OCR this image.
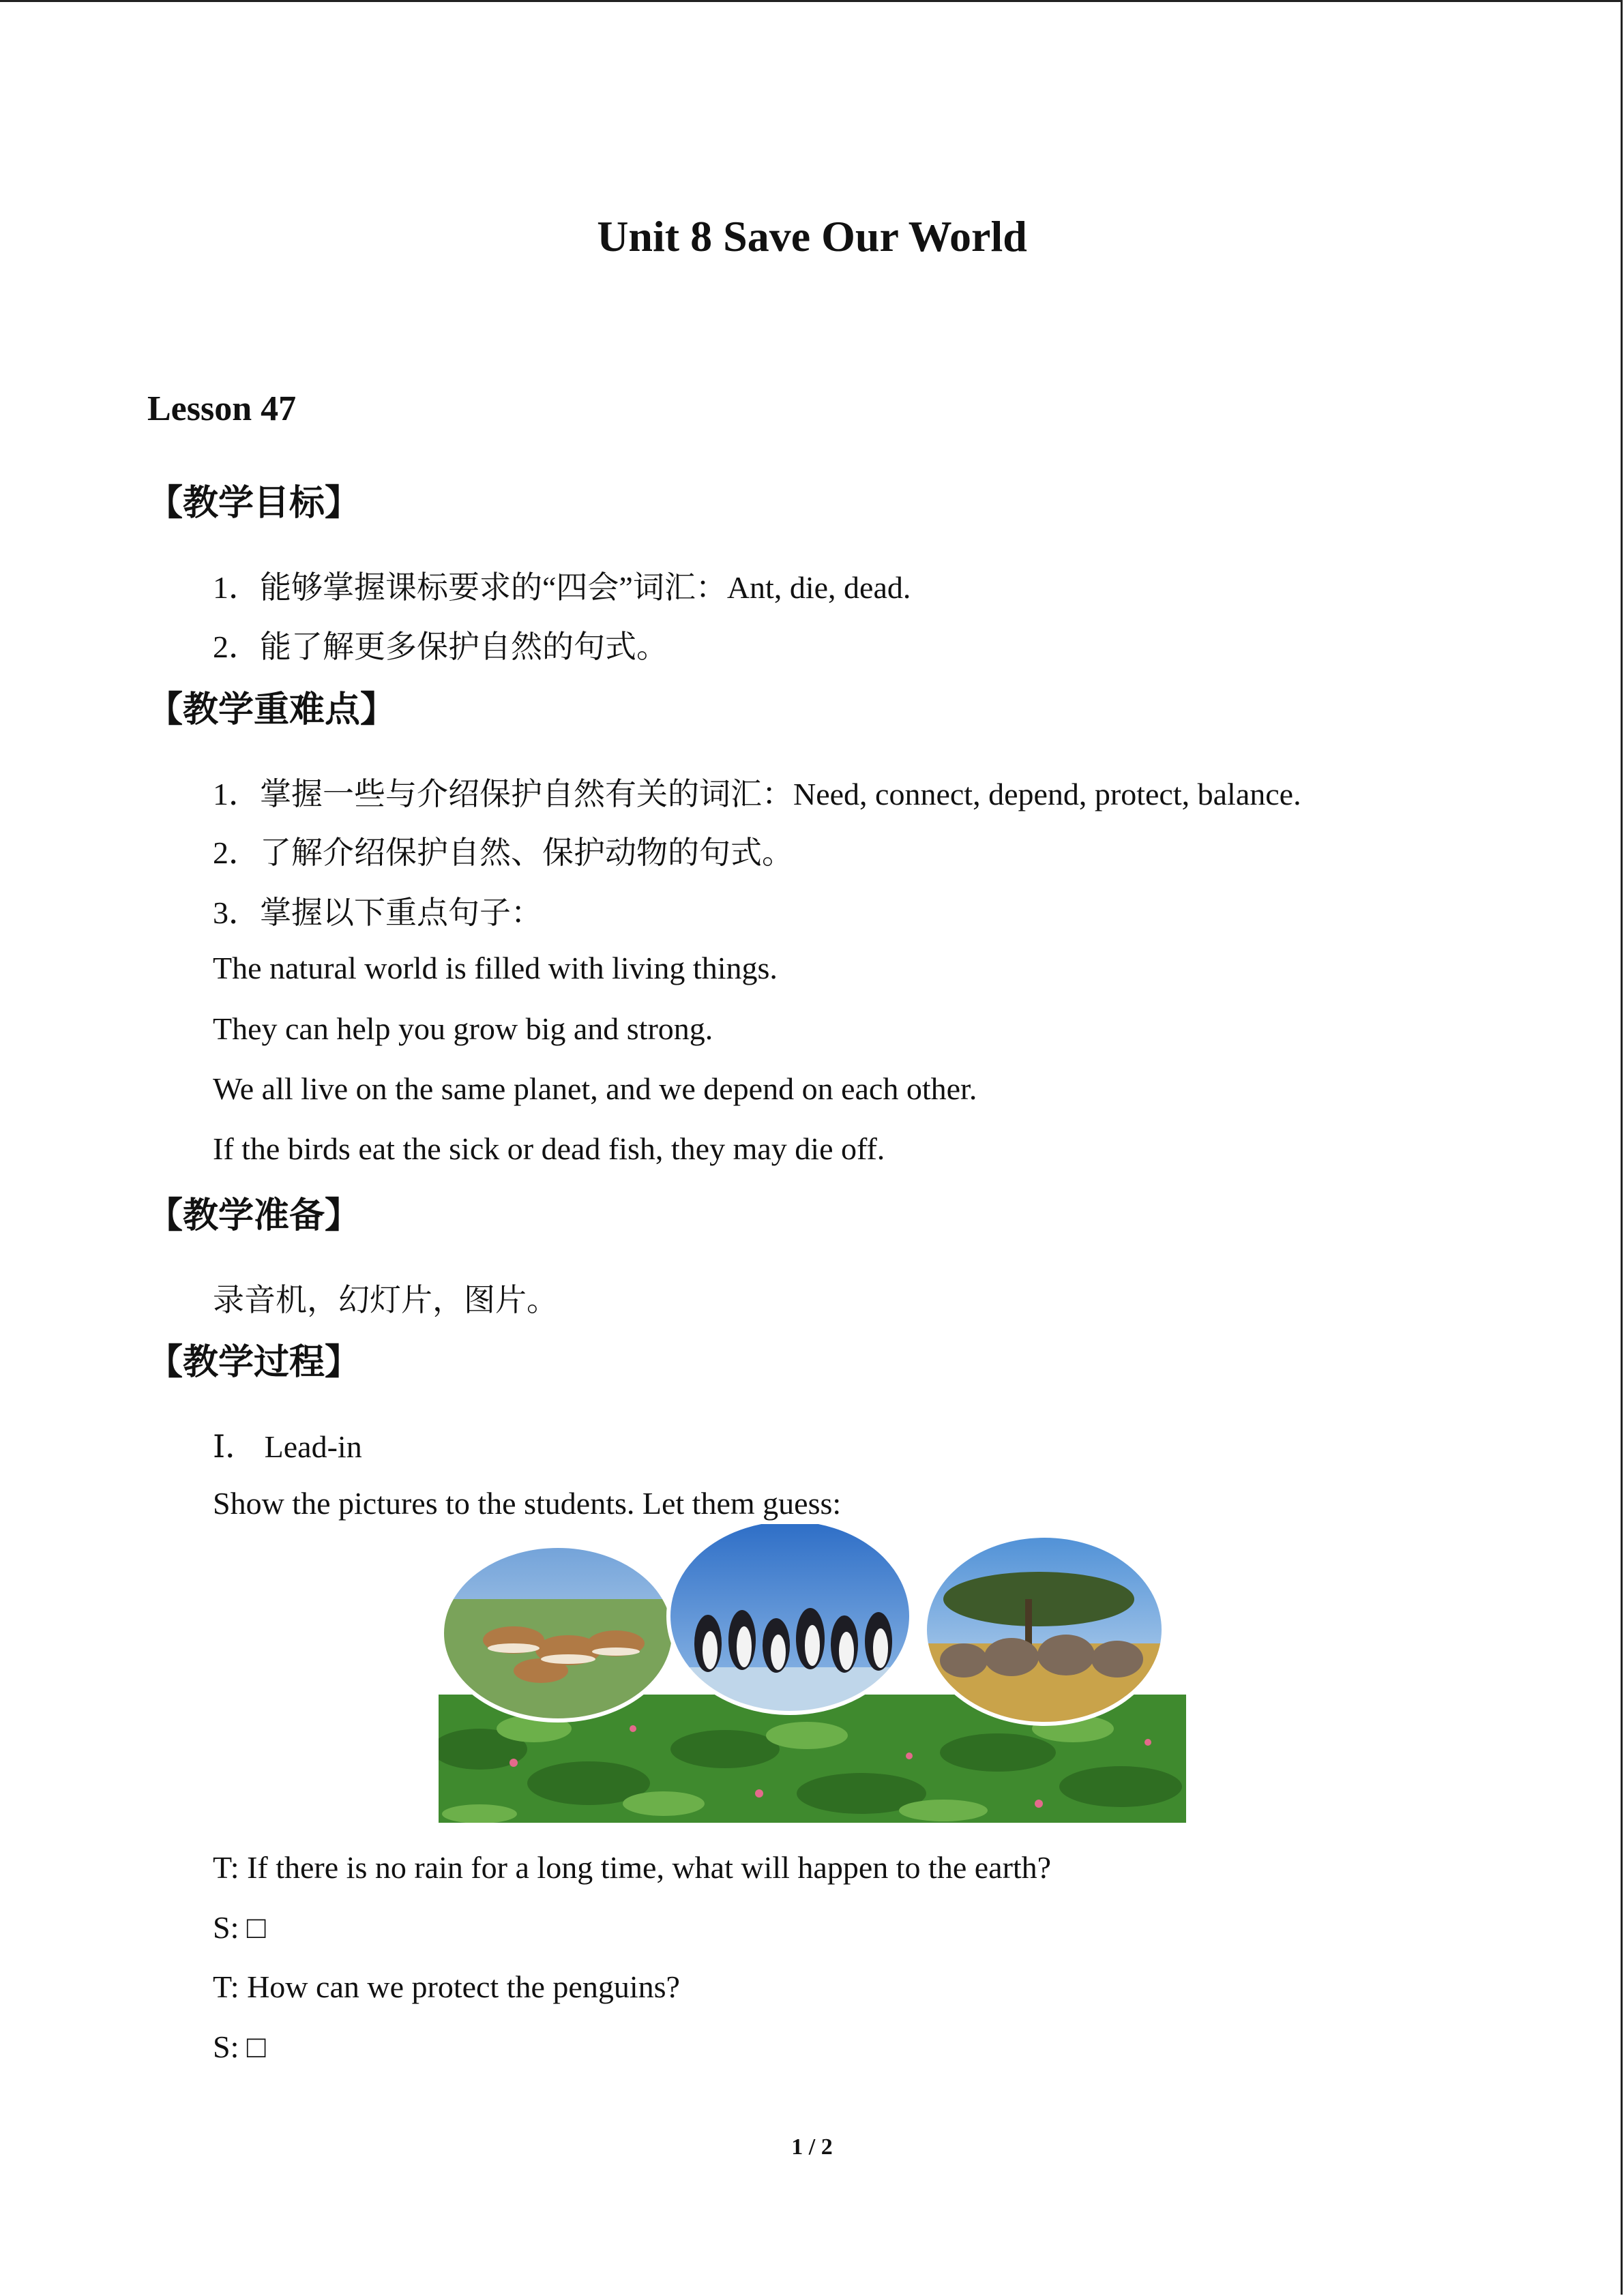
Unit 8 Save Our World
Lesson 47
【教学目标】
1．能够掌握课标要求的“四会”词汇：Ant, die, dead.
2．能了解更多保护自然的句式。
【教学重难点】
1．掌握一些与介绍保护自然有关的词汇：Need, connect, depend, protect, balance.
2．了解介绍保护自然、保护动物的句式。
3．掌握以下重点句子：
The natural world is filled with living things.
They can help you grow big and strong.
We all live on the same planet, and we depend on each other.
If the birds eat the sick or dead fish, they may die off.
【教学准备】
录音机，幻灯片，图片。
【教学过程】
Ⅰ． Lead-in
Show the pictures to the students. Let them guess:
T: If there is no rain for a long time, what will happen to the earth?
S: □
T: How can we protect the penguins?
S: □
1 / 2
